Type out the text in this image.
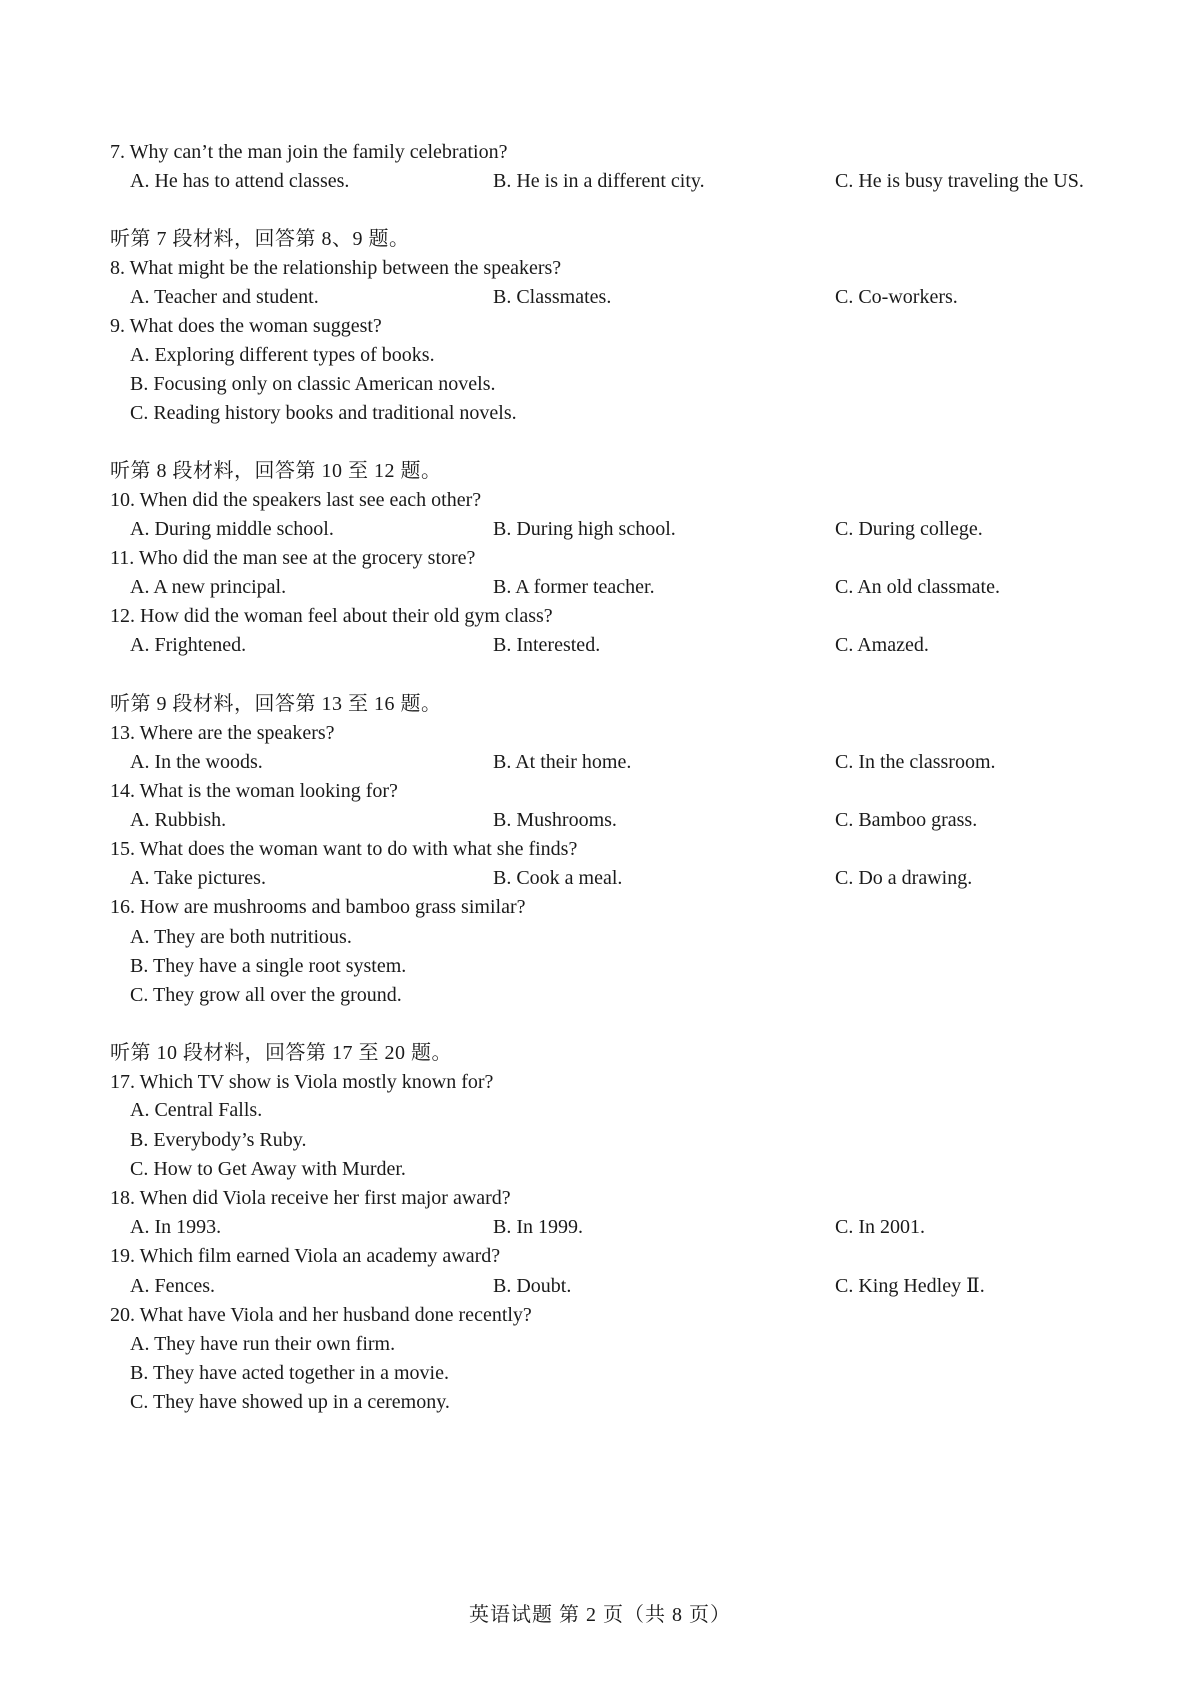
7. Why can’t the man join the family celebration?
A. He has to attend classes.	B. He is in a different city.	C. He is busy traveling the US.
听第 7 段材料，回答第 8、9 题。
8. What might be the relationship between the speakers?
A. Teacher and student.	B. Classmates.	C. Co-workers.
9. What does the woman suggest?
A. Exploring different types of books.
B. Focusing only on classic American novels.
C. Reading history books and traditional novels.
听第 8 段材料，回答第 10 至 12 题。
10. When did the speakers last see each other?
A. During middle school.	B. During high school.	C. During college.
11. Who did the man see at the grocery store?
A. A new principal.	B. A former teacher.	C. An old classmate.
12. How did the woman feel about their old gym class?
A. Frightened.	B. Interested.	C. Amazed.
听第 9 段材料，回答第 13 至 16 题。
13. Where are the speakers?
A. In the woods.	B. At their home.	C. In the classroom.
14. What is the woman looking for?
A. Rubbish.	B. Mushrooms.	C. Bamboo grass.
15. What does the woman want to do with what she finds?
A. Take pictures.	B. Cook a meal.	C. Do a drawing.
16. How are mushrooms and bamboo grass similar?
A. They are both nutritious.
B. They have a single root system.
C. They grow all over the ground.
听第 10 段材料，回答第 17 至 20 题。
17. Which TV show is Viola mostly known for?
A. Central Falls.
B. Everybody’s Ruby.
C. How to Get Away with Murder.
18. When did Viola receive her first major award?
A. In 1993.	B. In 1999.	C. In 2001.
19. Which film earned Viola an academy award?
A. Fences.	B. Doubt.	C. King Hedley Ⅱ.
20. What have Viola and her husband done recently?
A. They have run their own firm.
B. They have acted together in a movie.
C. They have showed up in a ceremony.
英语试题 第 2 页（共 8 页）
